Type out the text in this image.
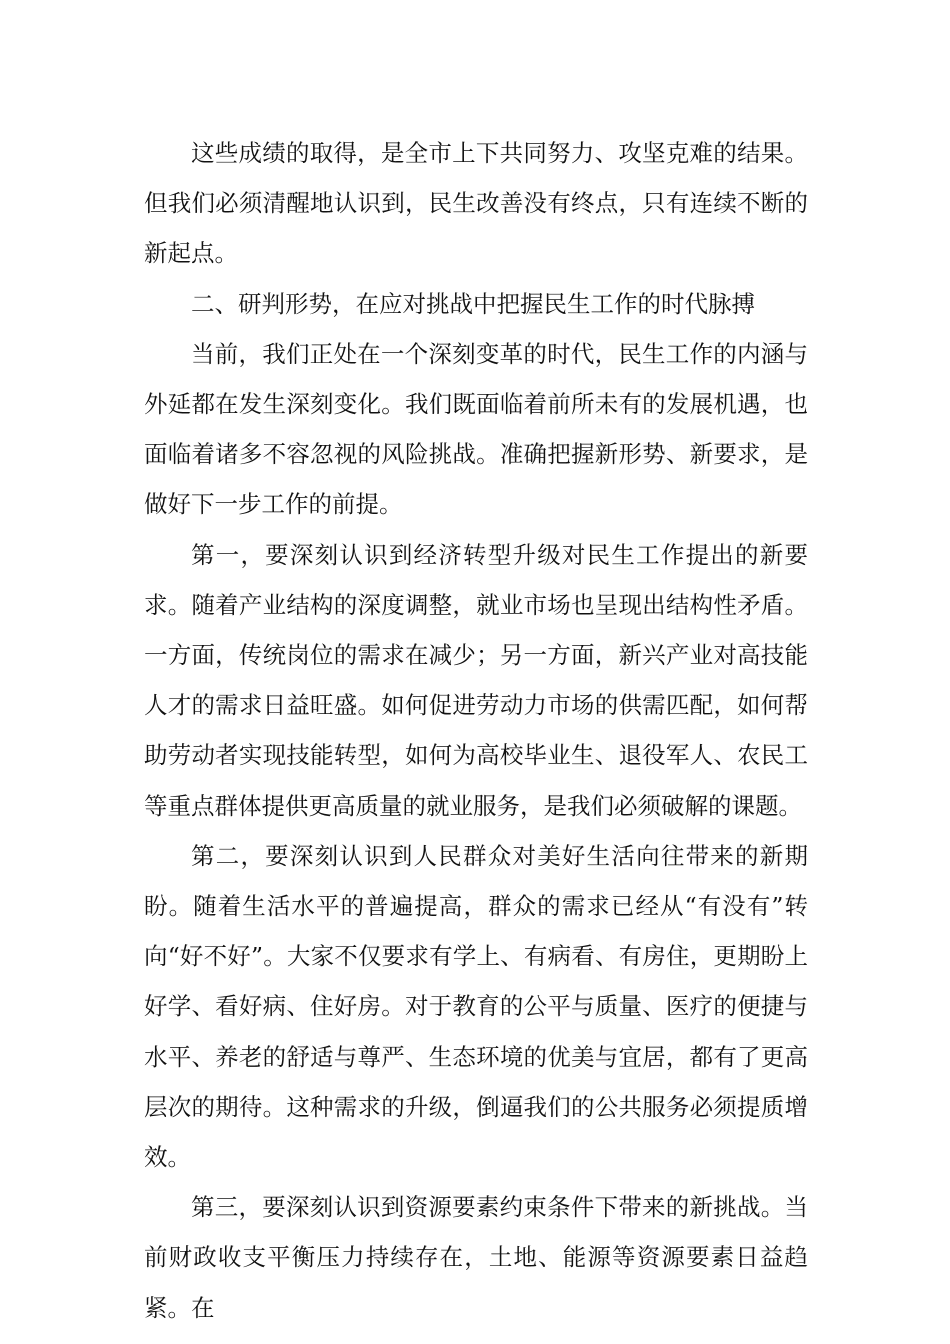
这些成绩的取得，是全市上下共同努力、攻坚克难的结果。但我们必须清醒地认识到，民生改善没有终点，只有连续不断的新起点。

二、研判形势，在应对挑战中把握民生工作的时代脉搏

当前，我们正处在一个深刻变革的时代，民生工作的内涵与外延都在发生深刻变化。我们既面临着前所未有的发展机遇，也面临着诸多不容忽视的风险挑战。准确把握新形势、新要求，是做好下一步工作的前提。

第一，要深刻认识到经济转型升级对民生工作提出的新要求。随着产业结构的深度调整，就业市场也呈现出结构性矛盾。一方面，传统岗位的需求在减少；另一方面，新兴产业对高技能人才的需求日益旺盛。如何促进劳动力市场的供需匹配，如何帮助劳动者实现技能转型，如何为高校毕业生、退役军人、农民工等重点群体提供更高质量的就业服务，是我们必须破解的课题。

第二，要深刻认识到人民群众对美好生活向往带来的新期盼。随着生活水平的普遍提高，群众的需求已经从“有没有”转向“好不好”。大家不仅要求有学上、有病看、有房住，更期盼上好学、看好病、住好房。对于教育的公平与质量、医疗的便捷与水平、养老的舒适与尊严、生态环境的优美与宜居，都有了更高层次的期待。这种需求的升级，倒逼我们的公共服务必须提质增效。

第三，要深刻认识到资源要素约束条件下带来的新挑战。当前财政收支平衡压力持续存在，土地、能源等资源要素日益趋紧。在
